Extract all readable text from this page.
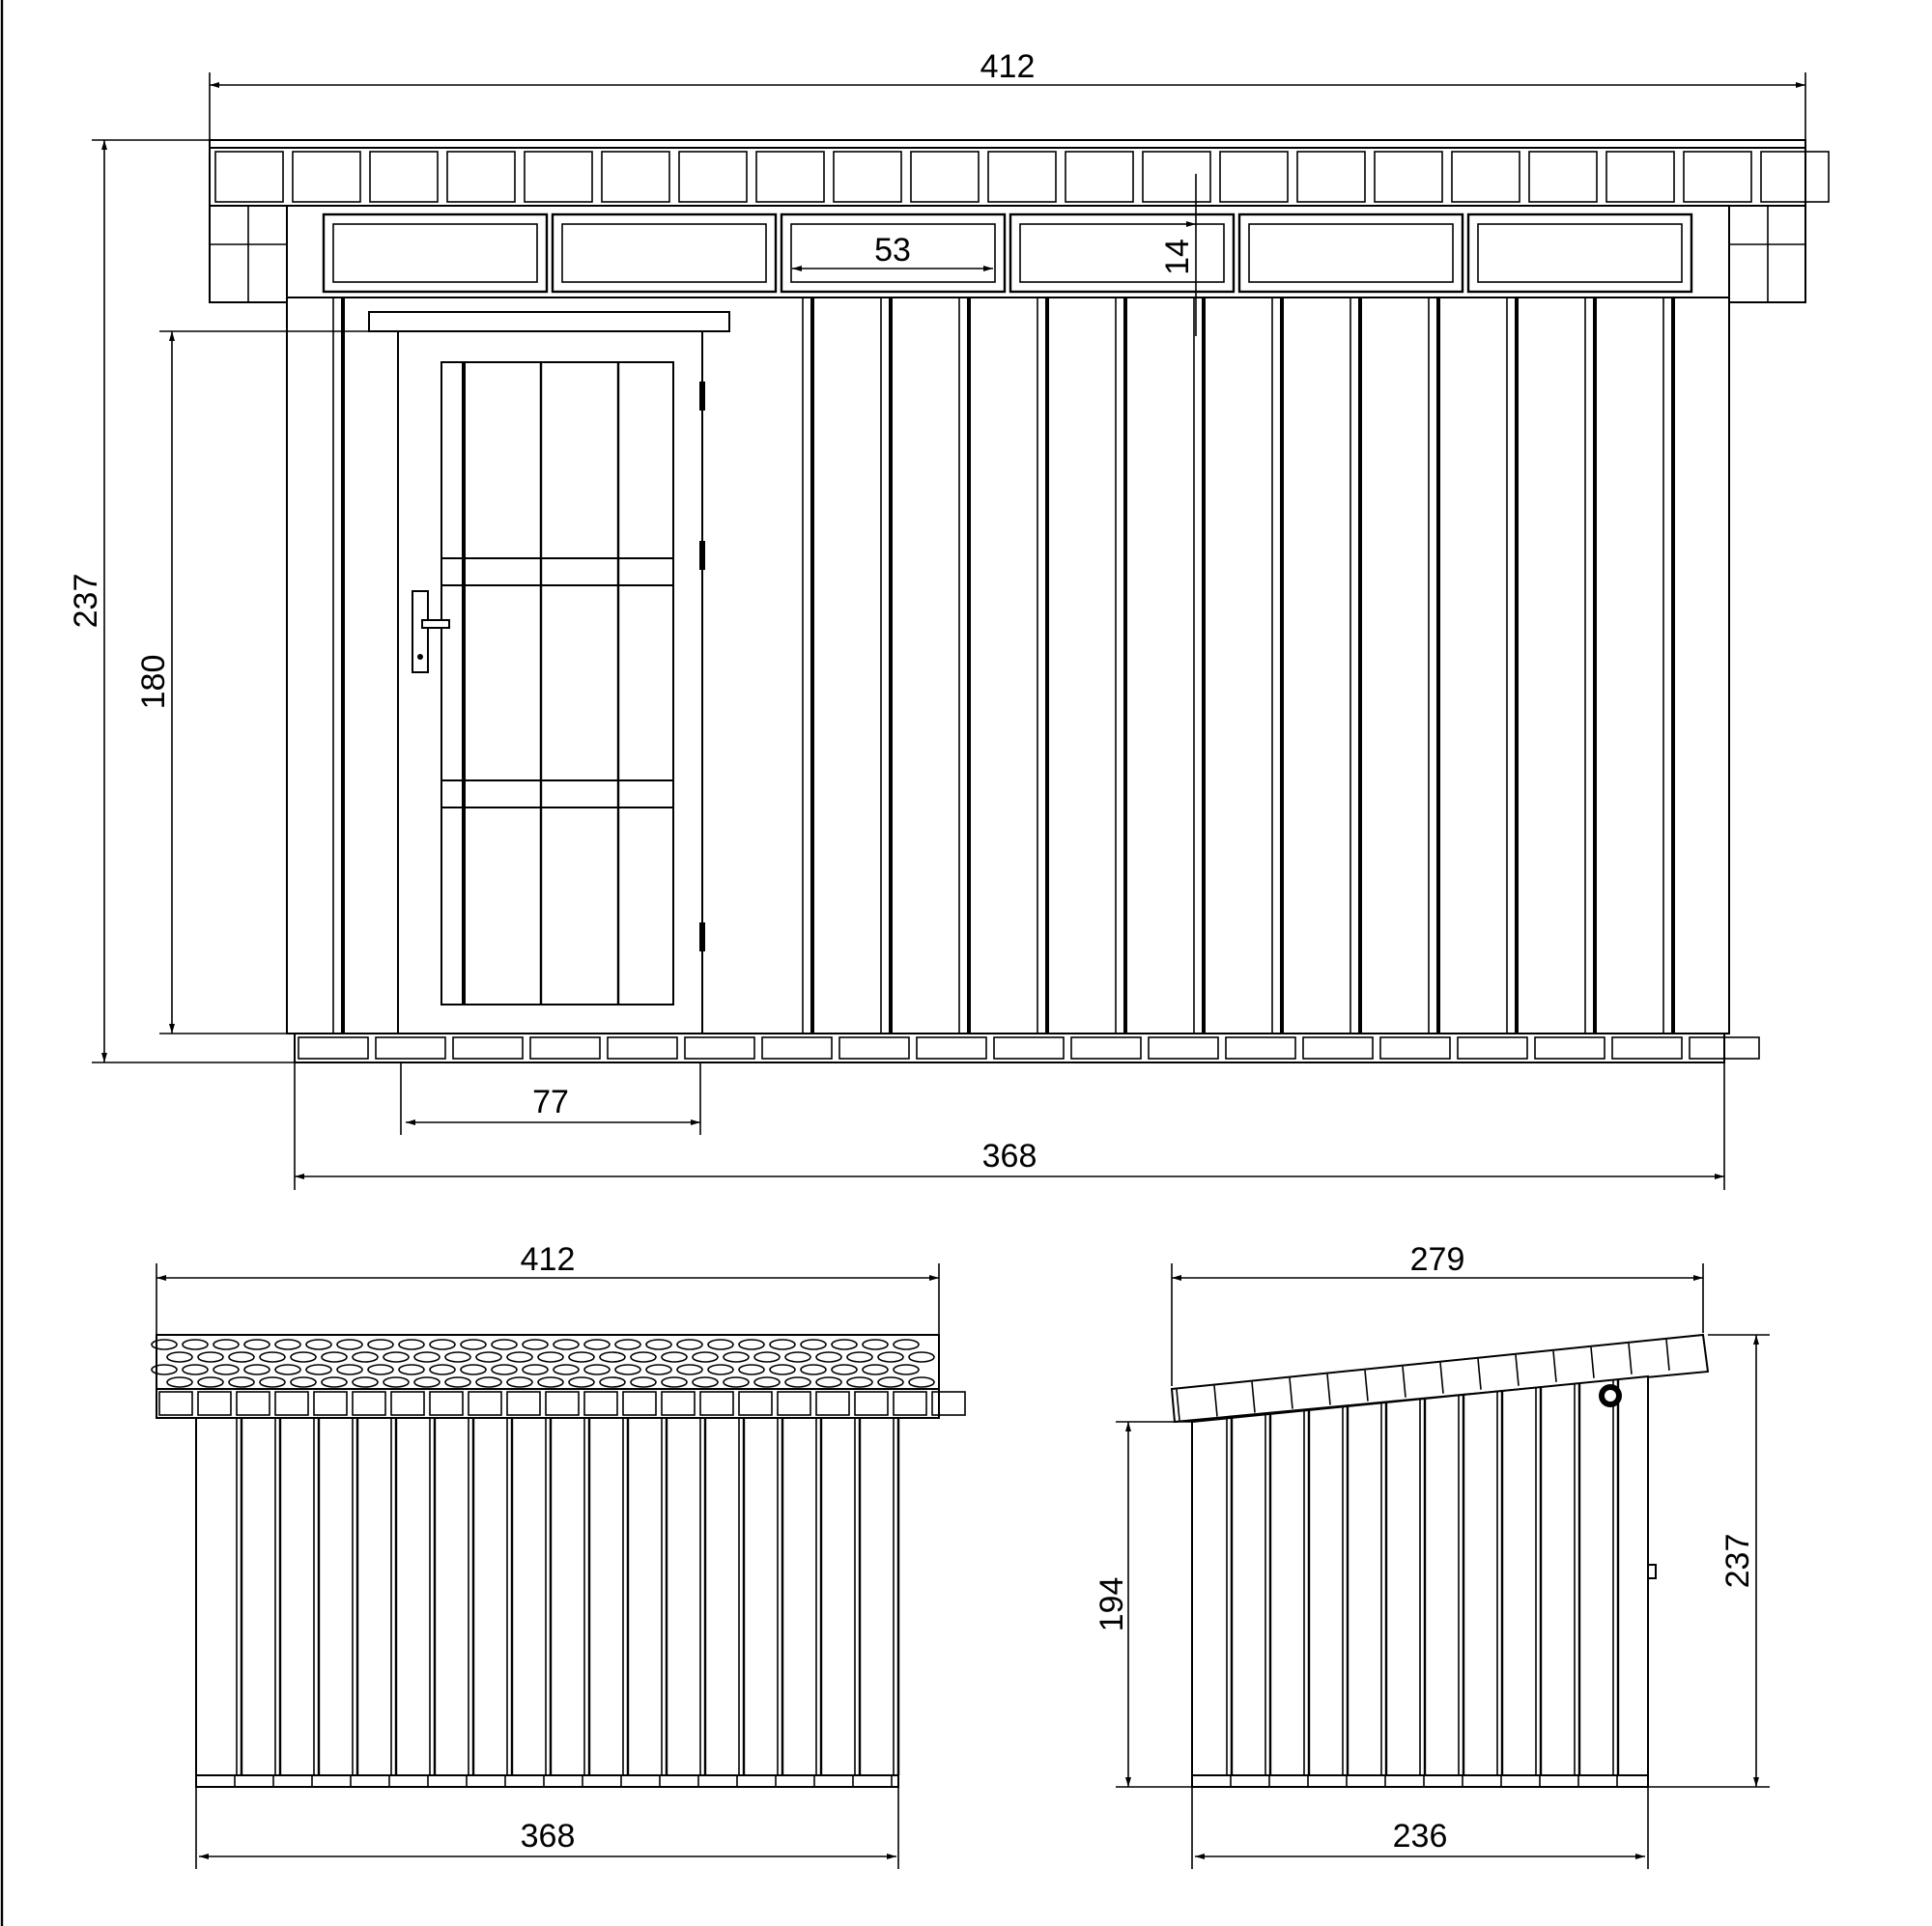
412
237
180
53	14
77
368
412
368
279
194
237
236
